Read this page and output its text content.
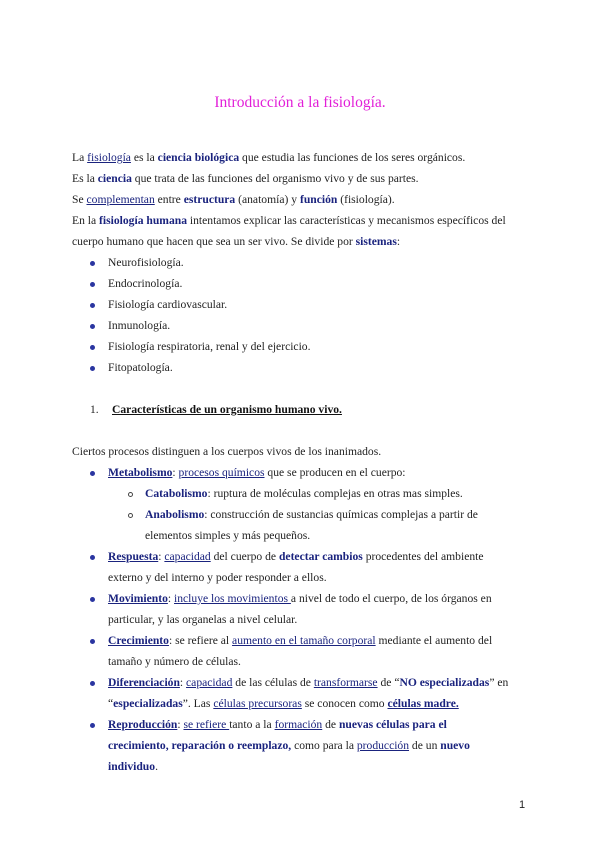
Introducción a la fisiología.
La fisiología es la ciencia biológica que estudia las funciones de los seres orgánicos.
Es la ciencia que trata de las funciones del organismo vivo y de sus partes.
Se complementan entre estructura (anatomía) y función (fisiología).
En la fisiología humana intentamos explicar las características y mecanismos específicos del
cuerpo humano que hacen que sea un ser vivo. Se divide por sistemas:
Neurofisiología.
Endocrinología.
Fisiología cardiovascular.
Inmunología.
Fisiología respiratoria, renal y del ejercicio.
Fitopatología.
1. Características de un organismo humano vivo.
Ciertos procesos distinguen a los cuerpos vivos de los inanimados.
Metabolismo: procesos químicos que se producen en el cuerpo:
Catabolismo: ruptura de moléculas complejas en otras mas simples.
Anabolismo: construcción de sustancias químicas complejas a partir de
elementos simples y más pequeños.
Respuesta: capacidad del cuerpo de detectar cambios procedentes del ambiente
externo y del interno y poder responder a ellos.
Movimiento: incluye los movimientos a nivel de todo el cuerpo, de los órganos en
particular, y las organelas a nivel celular.
Crecimiento: se refiere al aumento en el tamaño corporal mediante el aumento del
tamaño y número de células.
Diferenciación: capacidad de las células de transformarse de “NO especializadas” en
“especializadas”. Las células precursoras se conocen como células madre.
Reproducción: se refiere tanto a la formación de nuevas células para el
crecimiento, reparación o reemplazo, como para la producción de un nuevo
individuo.
1
